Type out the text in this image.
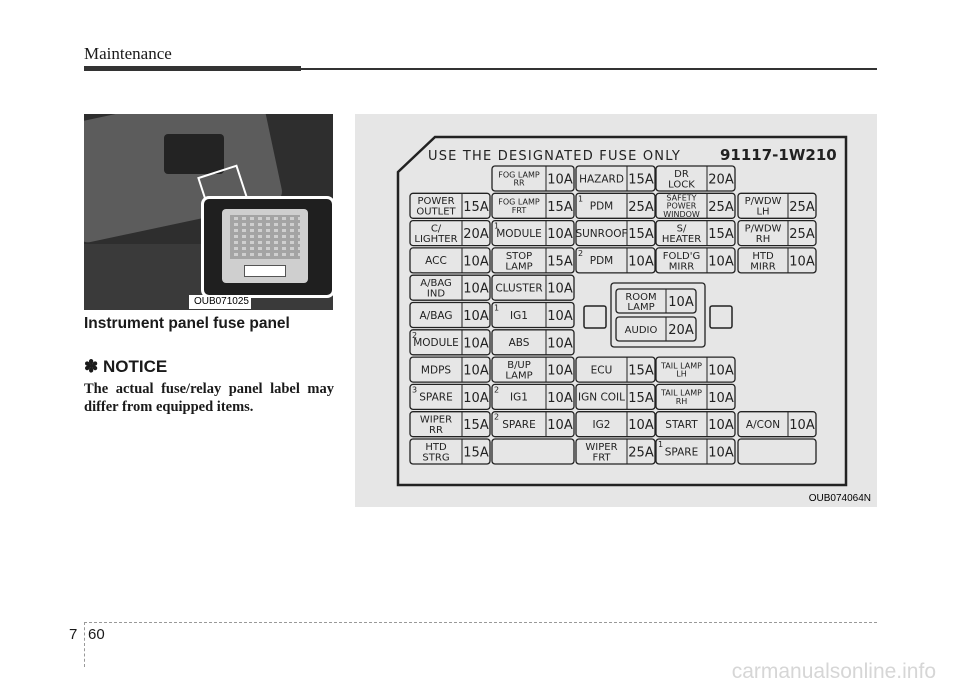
Maintenance
OUB071025
Instrument panel fuse panel
✽ NOTICE
The actual fuse/relay panel label may differ from equipped items.
OUB074064N
USE THE DESIGNATED FUSE ONLY	91117-1W210
15A
POWER
OUTLET
20A
C/
LIGHTER
10A
ACC
10A
A/BAG
IND
10A
A/BAG
10A
MODULE
2
10A
MDPS
10A
SPARE
3
15A
WIPER
RR
15A
HTD
STRG
10A
FOG LAMP
RR
15A
FOG LAMP
FRT
10A
MODULE
1
15A
STOP
LAMP
10A
CLUSTER
10A
IG1
1
10A
ABS
10A
B/UP
LAMP
10A
IG1
2
10A
SPARE
2
15A
HAZARD
25A
PDM
1
15A
SUNROOF
10A
PDM
2
15A
ECU
15A
IGN COIL
10A
IG2
25A
WIPER
FRT
20A
DR
LOCK
25A
SAFETY
POWER
WINDOW
15A
S/
HEATER
10A
FOLD'G
MIRR
10A
TAIL LAMP
LH
10A
TAIL LAMP
RH
10A
START
10A
SPARE
1
25A
P/WDW
LH
25A
P/WDW
RH
10A
HTD
MIRR
10A
A/CON
10A
ROOM
LAMP
20A
AUDIO
7 60
carmanualsonline.info
